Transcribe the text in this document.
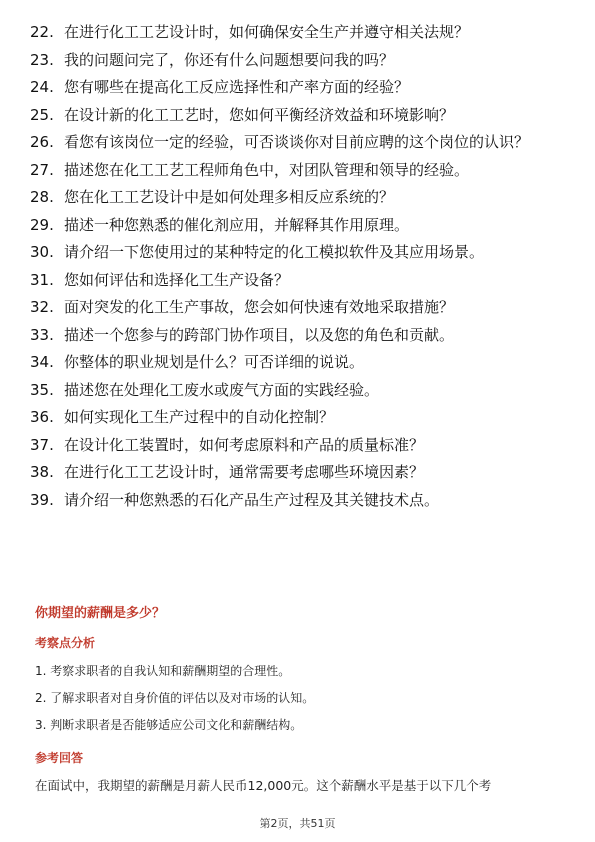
22. 在进行化工工艺设计时，如何确保安全生产并遵守相关法规？
23. 我的问题问完了，你还有什么问题想要问我的吗？
24. 您有哪些在提高化工反应选择性和产率方面的经验？
25. 在设计新的化工工艺时，您如何平衡经济效益和环境影响？
26. 看您有该岗位一定的经验，可否谈谈你对目前应聘的这个岗位的认识？
27. 描述您在化工工艺工程师角色中，对团队管理和领导的经验。
28. 您在化工工艺设计中是如何处理多相反应系统的？
29. 描述一种您熟悉的催化剂应用，并解释其作用原理。
30. 请介绍一下您使用过的某种特定的化工模拟软件及其应用场景。
31. 您如何评估和选择化工生产设备？
32. 面对突发的化工生产事故，您会如何快速有效地采取措施？
33. 描述一个您参与的跨部门协作项目，以及您的角色和贡献。
34. 你整体的职业规划是什么？可否详细的说说。
35. 描述您在处理化工废水或废气方面的实践经验。
36. 如何实现化工生产过程中的自动化控制？
37. 在设计化工装置时，如何考虑原料和产品的质量标准？
38. 在进行化工工艺设计时，通常需要考虑哪些环境因素？
39. 请介绍一种您熟悉的石化产品生产过程及其关键技术点。
你期望的薪酬是多少？
考察点分析
1. 考察求职者的自我认知和薪酬期望的合理性。
2. 了解求职者对自身价值的评估以及对市场的认知。
3. 判断求职者是否能够适应公司文化和薪酬结构。
参考回答
在面试中，我期望的薪酬是月薪人民币12,000元。这个薪酬水平是基于以下几个考
第2页，共51页
